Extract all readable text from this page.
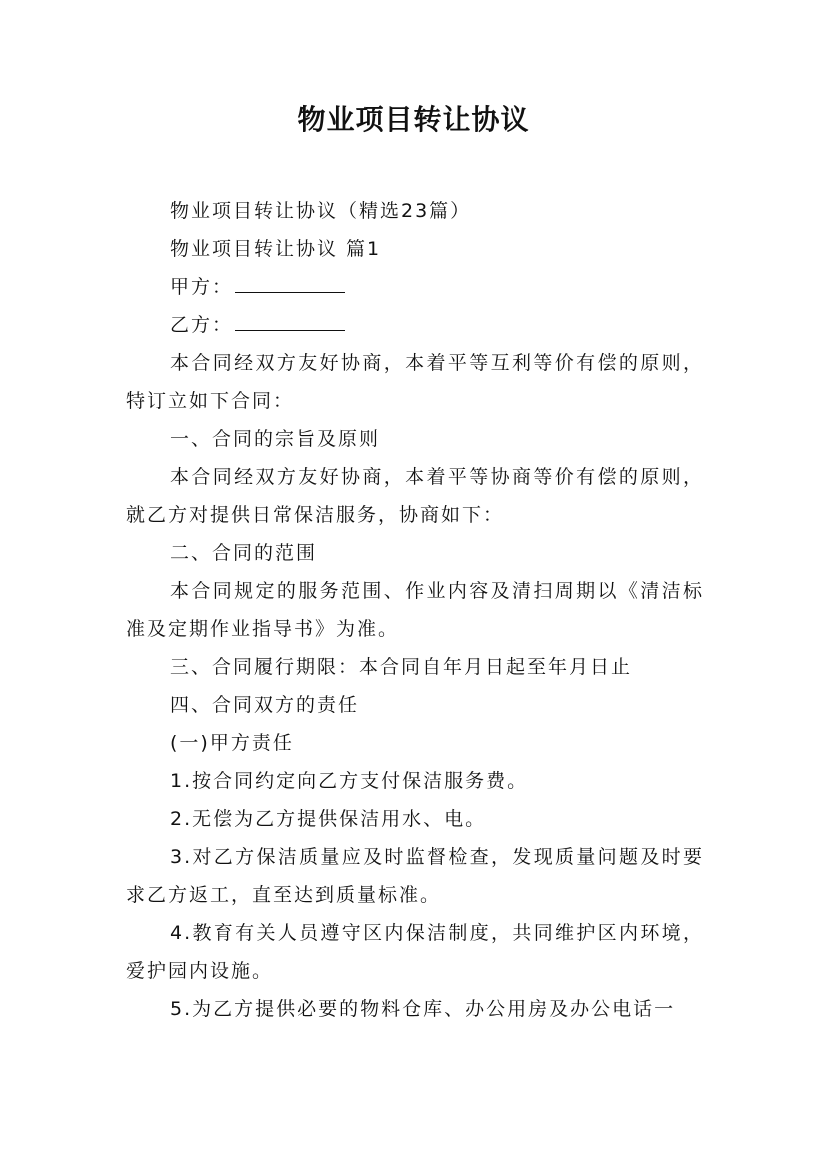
物业项目转让协议

物业项目转让协议（精选23篇）

物业项目转让协议 篇1

甲方：

乙方：

本合同经双方友好协商，本着平等互利等价有偿的原则，特订立如下合同：

一、合同的宗旨及原则

本合同经双方友好协商，本着平等协商等价有偿的原则，就乙方对提供日常保洁服务，协商如下：

二、合同的范围

本合同规定的服务范围、作业内容及清扫周期以《清洁标准及定期作业指导书》为准。

三、合同履行期限：本合同自年月日起至年月日止

四、合同双方的责任

(一)甲方责任

1.按合同约定向乙方支付保洁服务费。

2.无偿为乙方提供保洁用水、电。

3.对乙方保洁质量应及时监督检查，发现质量问题及时要求乙方返工，直至达到质量标准。

4.教育有关人员遵守区内保洁制度，共同维护区内环境，爱护园内设施。

5.为乙方提供必要的物料仓库、办公用房及办公电话一
